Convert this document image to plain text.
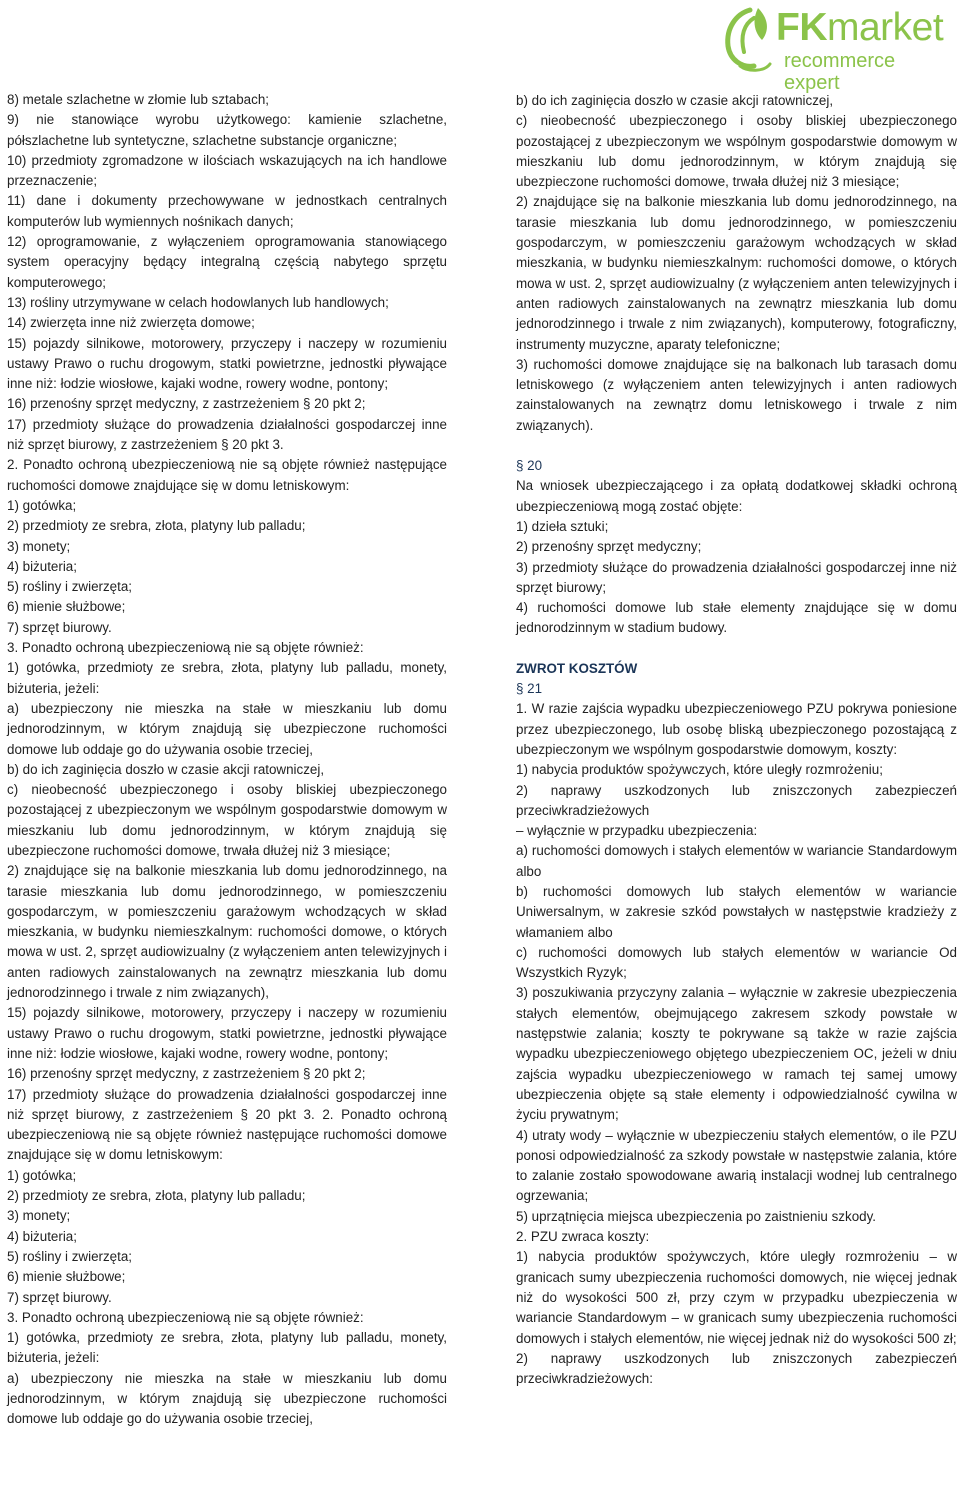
FKmarket
recommerce expert

8) metale szlachetne w złomie lub sztabach;

9) nie stanowiące wyrobu użytkowego: kamienie szlachetne, półszlachetne lub syntetyczne, szlachetne substancje organiczne;

10) przedmioty zgromadzone w ilościach wskazujących na ich handlowe przeznaczenie;

11) dane i dokumenty przechowywane w jednostkach centralnych komputerów lub wymiennych nośnikach danych;

12) oprogramowanie, z wyłączeniem oprogramowania stanowiącego system operacyjny będący integralną częścią nabytego sprzętu komputerowego;

13) rośliny utrzymywane w celach hodowlanych lub handlowych;

14) zwierzęta inne niż zwierzęta domowe;

15) pojazdy silnikowe, motorowery, przyczepy i naczepy w rozumieniu ustawy Prawo o ruchu drogowym, statki powietrzne, jednostki pływające inne niż: łodzie wiosłowe, kajaki wodne, rowery wodne, pontony;

16) przenośny sprzęt medyczny, z zastrzeżeniem § 20 pkt 2;

17) przedmioty służące do prowadzenia działalności gospodarczej inne niż sprzęt biurowy, z zastrzeżeniem § 20 pkt 3.

2. Ponadto ochroną ubezpieczeniową nie są objęte również następujące ruchomości domowe znajdujące się w domu letniskowym:

1) gotówka;

2) przedmioty ze srebra, złota, platyny lub palladu;

3) monety;

4) biżuteria;

5) rośliny i zwierzęta;

6) mienie służbowe;

7) sprzęt biurowy.

3. Ponadto ochroną ubezpieczeniową nie są objęte również:

1) gotówka, przedmioty ze srebra, złota, platyny lub palladu, monety, biżuteria, jeżeli:

a) ubezpieczony nie mieszka na stałe w mieszkaniu lub domu jednorodzinnym, w którym znajdują się ubezpieczone ruchomości domowe lub oddaje go do używania osobie trzeciej,

b) do ich zaginięcia doszło w czasie akcji ratowniczej,

c) nieobecność ubezpieczonego i osoby bliskiej ubezpieczonego pozostającej z ubezpieczonym we wspólnym gospodarstwie domowym w mieszkaniu lub domu jednorodzinnym, w którym znajdują się ubezpieczone ruchomości domowe, trwała dłużej niż 3 miesiące;

2) znajdujące się na balkonie mieszkania lub domu jednorodzinnego, na tarasie mieszkania lub domu jednorodzinnego, w pomieszczeniu gospodarczym, w pomieszczeniu garażowym wchodzących w skład mieszkania, w budynku niemieszkalnym: ruchomości domowe, o których mowa w ust. 2, sprzęt audiowizualny (z wyłączeniem anten telewizyjnych i anten radiowych zainstalowanych na zewnątrz mieszkania lub domu jednorodzinnego i trwale z nim związanych),

15) pojazdy silnikowe, motorowery, przyczepy i naczepy w rozumieniu ustawy Prawo o ruchu drogowym, statki powietrzne, jednostki pływające inne niż: łodzie wiosłowe, kajaki wodne, rowery wodne, pontony;

16) przenośny sprzęt medyczny, z zastrzeżeniem § 20 pkt 2;

17) przedmioty służące do prowadzenia działalności gospodarczej inne niż sprzęt biurowy, z zastrzeżeniem § 20 pkt 3. 2. Ponadto ochroną ubezpieczeniową nie są objęte również następujące ruchomości domowe znajdujące się w domu letniskowym:

1) gotówka;

2) przedmioty ze srebra, złota, platyny lub palladu;

3) monety;

4) biżuteria;

5) rośliny i zwierzęta;

6) mienie służbowe;

7) sprzęt biurowy.

3. Ponadto ochroną ubezpieczeniową nie są objęte również:

1) gotówka, przedmioty ze srebra, złota, platyny lub palladu, monety, biżuteria, jeżeli:

a) ubezpieczony nie mieszka na stałe w mieszkaniu lub domu jednorodzinnym, w którym znajdują się ubezpieczone ruchomości domowe lub oddaje go do używania osobie trzeciej,

b) do ich zaginięcia doszło w czasie akcji ratowniczej,

c) nieobecność ubezpieczonego i osoby bliskiej ubezpieczonego pozostającej z ubezpieczonym we wspólnym gospodarstwie domowym w mieszkaniu lub domu jednorodzinnym, w którym znajdują się ubezpieczone ruchomości domowe, trwała dłużej niż 3 miesiące;

2) znajdujące się na balkonie mieszkania lub domu jednorodzinnego, na tarasie mieszkania lub domu jednorodzinnego, w pomieszczeniu gospodarczym, w pomieszczeniu garażowym wchodzących w skład mieszkania, w budynku niemieszkalnym: ruchomości domowe, o których mowa w ust. 2, sprzęt audiowizualny (z wyłączeniem anten telewizyjnych i anten radiowych zainstalowanych na zewnątrz mieszkania lub domu jednorodzinnego i trwale z nim związanych), komputerowy, fotograficzny, instrumenty muzyczne, aparaty telefoniczne;

3) ruchomości domowe znajdujące się na balkonach lub tarasach domu letniskowego (z wyłączeniem anten telewizyjnych i anten radiowych zainstalowanych na zewnątrz domu letniskowego i trwale z nim związanych).

§ 20

Na wniosek ubezpieczającego i za opłatą dodatkowej składki ochroną ubezpieczeniową mogą zostać objęte:

1) dzieła sztuki;

2) przenośny sprzęt medyczny;

3) przedmioty służące do prowadzenia działalności gospodarczej inne niż sprzęt biurowy;

4) ruchomości domowe lub stałe elementy znajdujące się w domu jednorodzinnym w stadium budowy.

ZWROT KOSZTÓW

§ 21

1. W razie zajścia wypadku ubezpieczeniowego PZU pokrywa poniesione przez ubezpieczonego, lub osobę bliską ubezpieczonego pozostającą z ubezpieczonym we wspólnym gospodarstwie domowym, koszty:

1) nabycia produktów spożywczych, które uległy rozmrożeniu;

2) naprawy uszkodzonych lub zniszczonych zabezpieczeń przeciwkradzieżowych

– wyłącznie w przypadku ubezpieczenia:

a) ruchomości domowych i stałych elementów w wariancie Standardowym albo

b) ruchomości domowych lub stałych elementów w wariancie Uniwersalnym, w zakresie szkód powstałych w następstwie kradzieży z włamaniem albo

c) ruchomości domowych lub stałych elementów w wariancie Od Wszystkich Ryzyk;

3) poszukiwania przyczyny zalania – wyłącznie w zakresie ubezpieczenia stałych elementów, obejmującego zakresem szkody powstałe w następstwie zalania; koszty te pokrywane są także w razie zajścia wypadku ubezpieczeniowego objętego ubezpieczeniem OC, jeżeli w dniu zajścia wypadku ubezpieczeniowego w ramach tej samej umowy ubezpieczenia objęte są stałe elementy i odpowiedzialność cywilna w życiu prywatnym;

4) utraty wody – wyłącznie w ubezpieczeniu stałych elementów, o ile PZU ponosi odpowiedzialność za szkody powstałe w następstwie zalania, które to zalanie zostało spowodowane awarią instalacji wodnej lub centralnego ogrzewania;

5) uprzątnięcia miejsca ubezpieczenia po zaistnieniu szkody.

2. PZU zwraca koszty:

1) nabycia produktów spożywczych, które uległy rozmrożeniu – w granicach sumy ubezpieczenia ruchomości domowych, nie więcej jednak niż do wysokości 500 zł, przy czym w przypadku ubezpieczenia w wariancie Standardowym – w granicach sumy ubezpieczenia ruchomości domowych i stałych elementów, nie więcej jednak niż do wysokości 500 zł;

2) naprawy uszkodzonych lub zniszczonych zabezpieczeń przeciwkradzieżowych:
